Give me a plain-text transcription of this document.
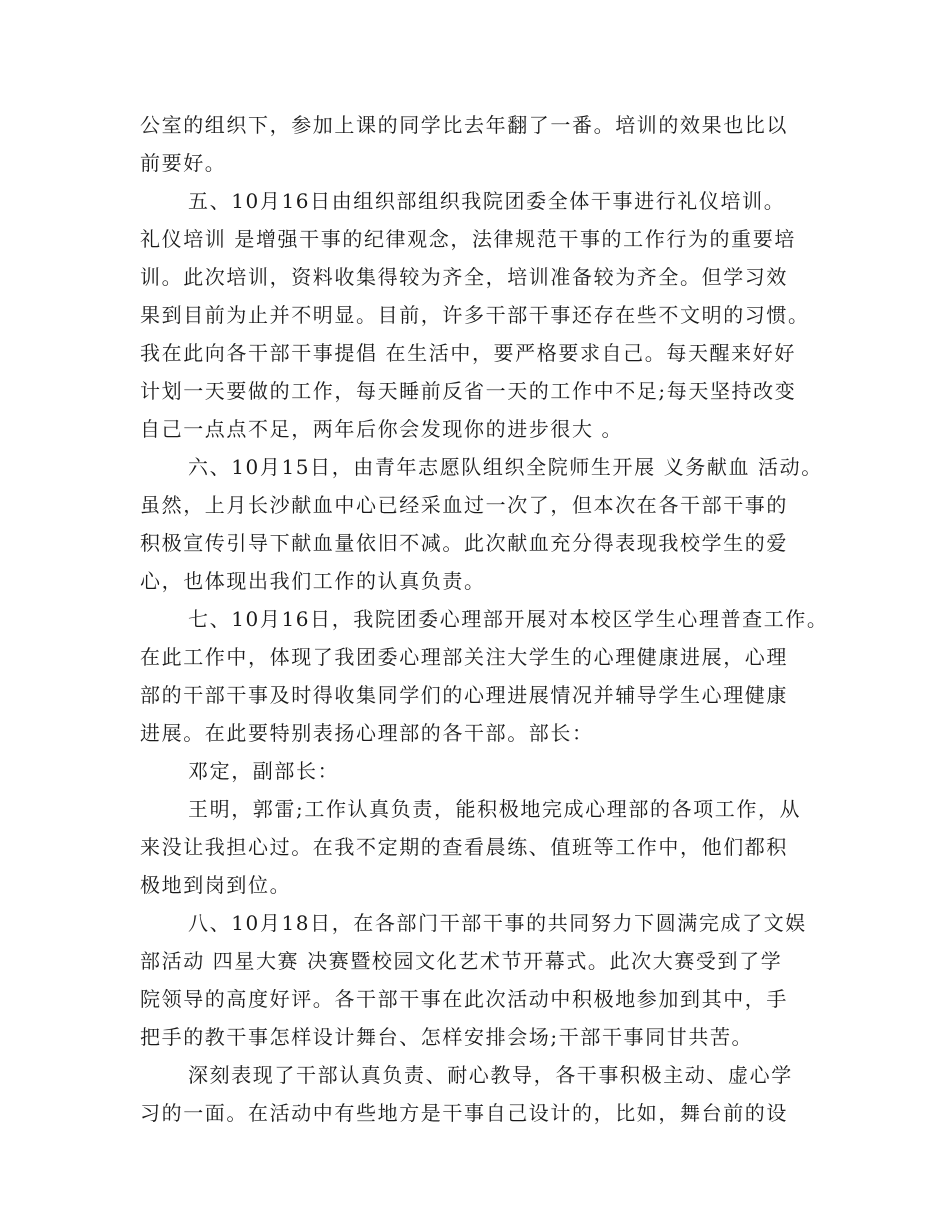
公室的组织下，参加上课的同学比去年翻了一番。培训的效果也比以
前要好。
五、10月16日由组织部组织我院团委全体干事进行礼仪培训。
礼仪培训 是增强干事的纪律观念，法律规范干事的工作行为的重要培
训。此次培训，资料收集得较为齐全，培训准备较为齐全。但学习效
果到目前为止并不明显。目前，许多干部干事还存在些不文明的习惯。
我在此向各干部干事提倡 在生活中，要严格要求自己。每天醒来好好
计划一天要做的工作，每天睡前反省一天的工作中不足;每天坚持改变
自己一点点不足，两年后你会发现你的进步很大 。
六、10月15日，由青年志愿队组织全院师生开展 义务献血 活动。
虽然，上月长沙献血中心已经采血过一次了，但本次在各干部干事的
积极宣传引导下献血量依旧不减。此次献血充分得表现我校学生的爱
心，也体现出我们工作的认真负责。
七、10月16日，我院团委心理部开展对本校区学生心理普查工作。
在此工作中，体现了我团委心理部关注大学生的心理健康进展，心理
部的干部干事及时得收集同学们的心理进展情况并辅导学生心理健康
进展。在此要特别表扬心理部的各干部。部长：
邓定，副部长：
王明，郭雷;工作认真负责，能积极地完成心理部的各项工作，从
来没让我担心过。在我不定期的查看晨练、值班等工作中，他们都积
极地到岗到位。
八、10月18日，在各部门干部干事的共同努力下圆满完成了文娱
部活动 四星大赛 决赛暨校园文化艺术节开幕式。此次大赛受到了学
院领导的高度好评。各干部干事在此次活动中积极地参加到其中，手
把手的教干事怎样设计舞台、怎样安排会场;干部干事同甘共苦。
深刻表现了干部认真负责、耐心教导，各干事积极主动、虚心学
习的一面。在活动中有些地方是干事自己设计的，比如，舞台前的设
